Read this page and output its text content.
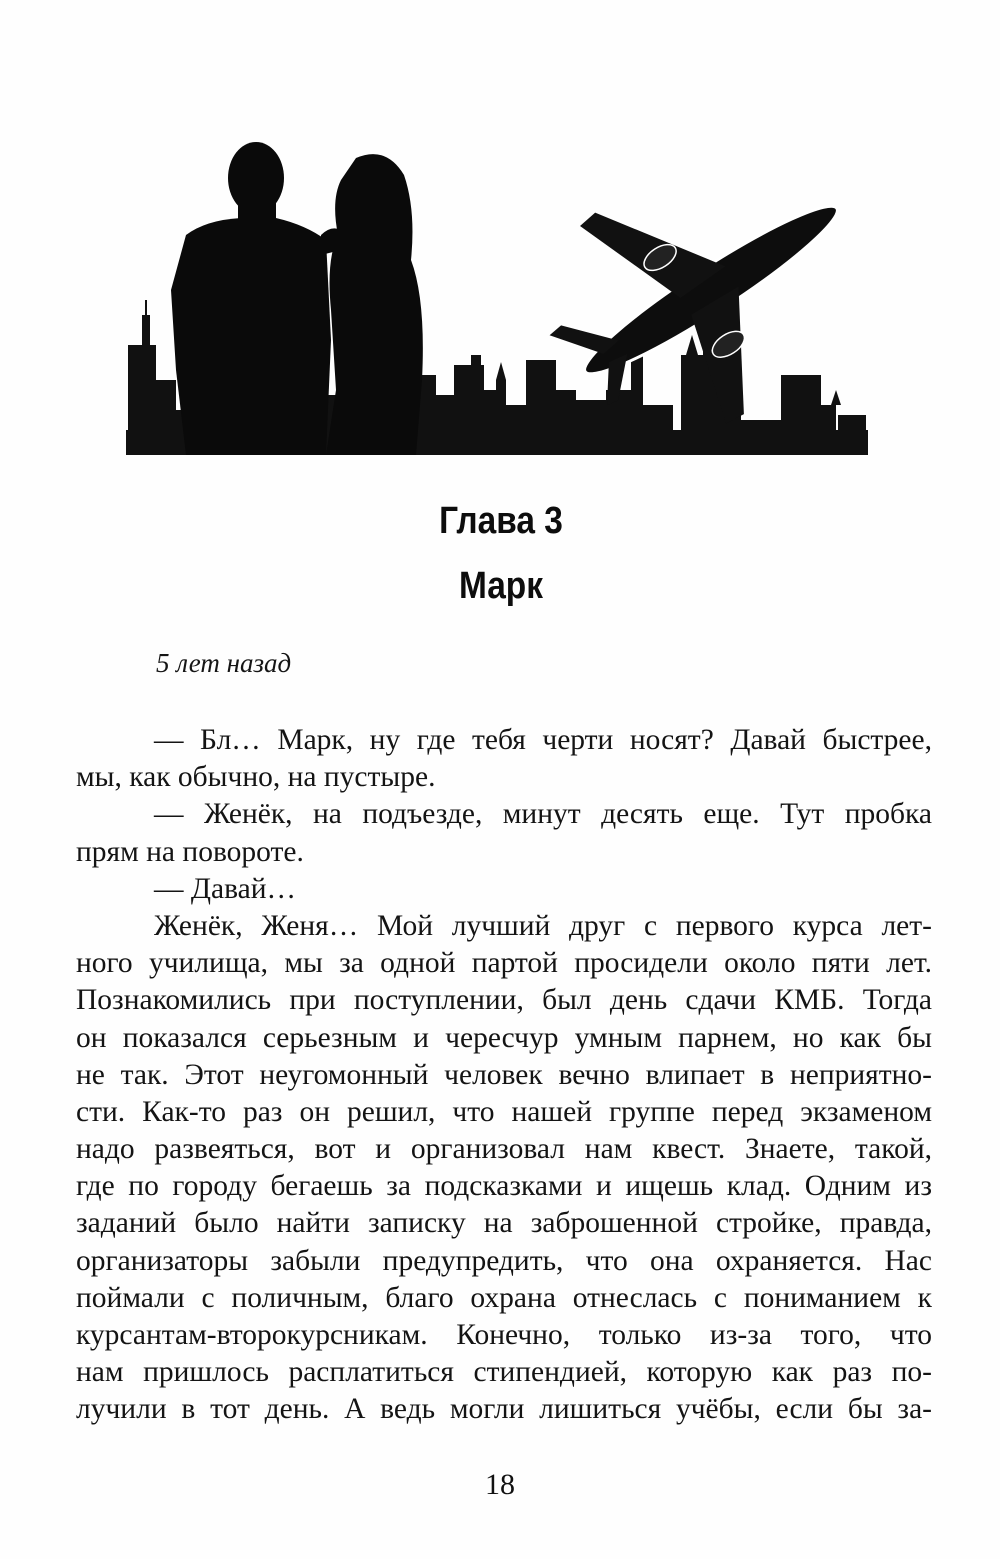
Глава 3
Марк
5 лет назад
— Бл… Марк, ну где тебя черти носят? Давай быстрее,
мы, как обычно, на пустыре.
— Женёк, на подъезде, минут десять еще. Тут пробка
прям на повороте.
— Давай…
Женёк, Женя… Мой лучший друг с первого курса лет-
ного училища, мы за одной партой просидели около пяти лет.
Познакомились при поступлении, был день сдачи КМБ. Тогда
он показался серьезным и чересчур умным парнем, но как бы
не так. Этот неугомонный человек вечно влипает в неприятно-
сти. Как-то раз он решил, что нашей группе перед экзаменом
надо развеяться, вот и организовал нам квест. Знаете, такой,
где по городу бегаешь за подсказками и ищешь клад. Одним из
заданий было найти записку на заброшенной стройке, правда,
организаторы забыли предупредить, что она охраняется. Нас
поймали с поличным, благо охрана отнеслась с пониманием к
курсантам-второкурсникам. Конечно, только из-за того, что
нам пришлось расплатиться стипендией, которую как раз по-
лучили в тот день. А ведь могли лишиться учёбы, если бы за-
18
